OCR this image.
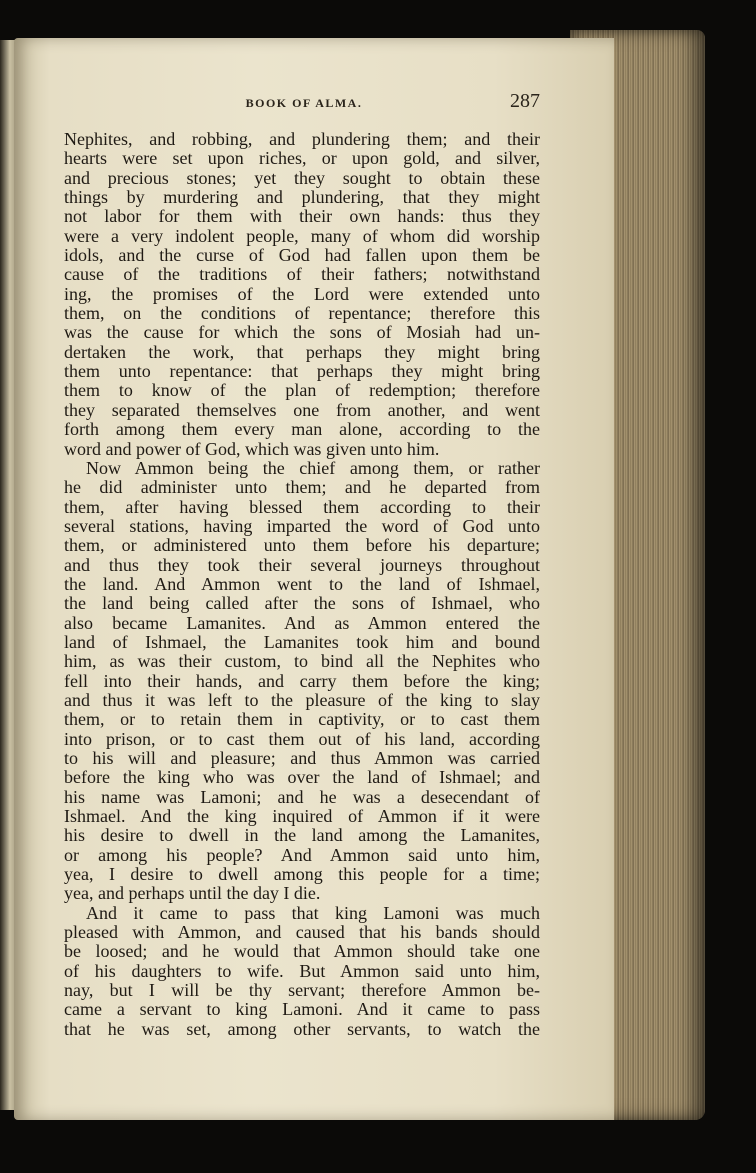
BOOK OF ALMA.	287
Nephites, and robbing, and plundering them; and their
hearts were set upon riches, or upon gold, and silver,
and precious stones; yet they sought to obtain these
things by murdering and plundering, that they might
not labor for them with their own hands: thus they
were a very indolent people, many of whom did worship
idols, and the curse of God had fallen upon them be
cause of the traditions of their fathers; notwithstand
ing, the promises of the Lord were extended unto
them, on the conditions of repentance; therefore this
was the cause for which the sons of Mosiah had un-
dertaken the work, that perhaps they might bring
them unto repentance: that perhaps they might bring
them to know of the plan of redemption; therefore
they separated themselves one from another, and went
forth among them every man alone, according to the
word and power of God, which was given unto him.
Now Ammon being the chief among them, or rather
he did administer unto them; and he departed from
them, after having blessed them according to their
several stations, having imparted the word of God unto
them, or administered unto them before his departure;
and thus they took their several journeys throughout
the land. And Ammon went to the land of Ishmael,
the land being called after the sons of Ishmael, who
also became Lamanites. And as Ammon entered the
land of Ishmael, the Lamanites took him and bound
him, as was their custom, to bind all the Nephites who
fell into their hands, and carry them before the king;
and thus it was left to the pleasure of the king to slay
them, or to retain them in captivity, or to cast them
into prison, or to cast them out of his land, according
to his will and pleasure; and thus Ammon was carried
before the king who was over the land of Ishmael; and
his name was Lamoni; and he was a desecendant of
Ishmael. And the king inquired of Ammon if it were
his desire to dwell in the land among the Lamanites,
or among his people? And Ammon said unto him,
yea, I desire to dwell among this people for a time;
yea, and perhaps until the day I die.
And it came to pass that king Lamoni was much
pleased with Ammon, and caused that his bands should
be loosed; and he would that Ammon should take one
of his daughters to wife. But Ammon said unto him,
nay, but I will be thy servant; therefore Ammon be-
came a servant to king Lamoni. And it came to pass
that he was set, among other servants, to watch the
